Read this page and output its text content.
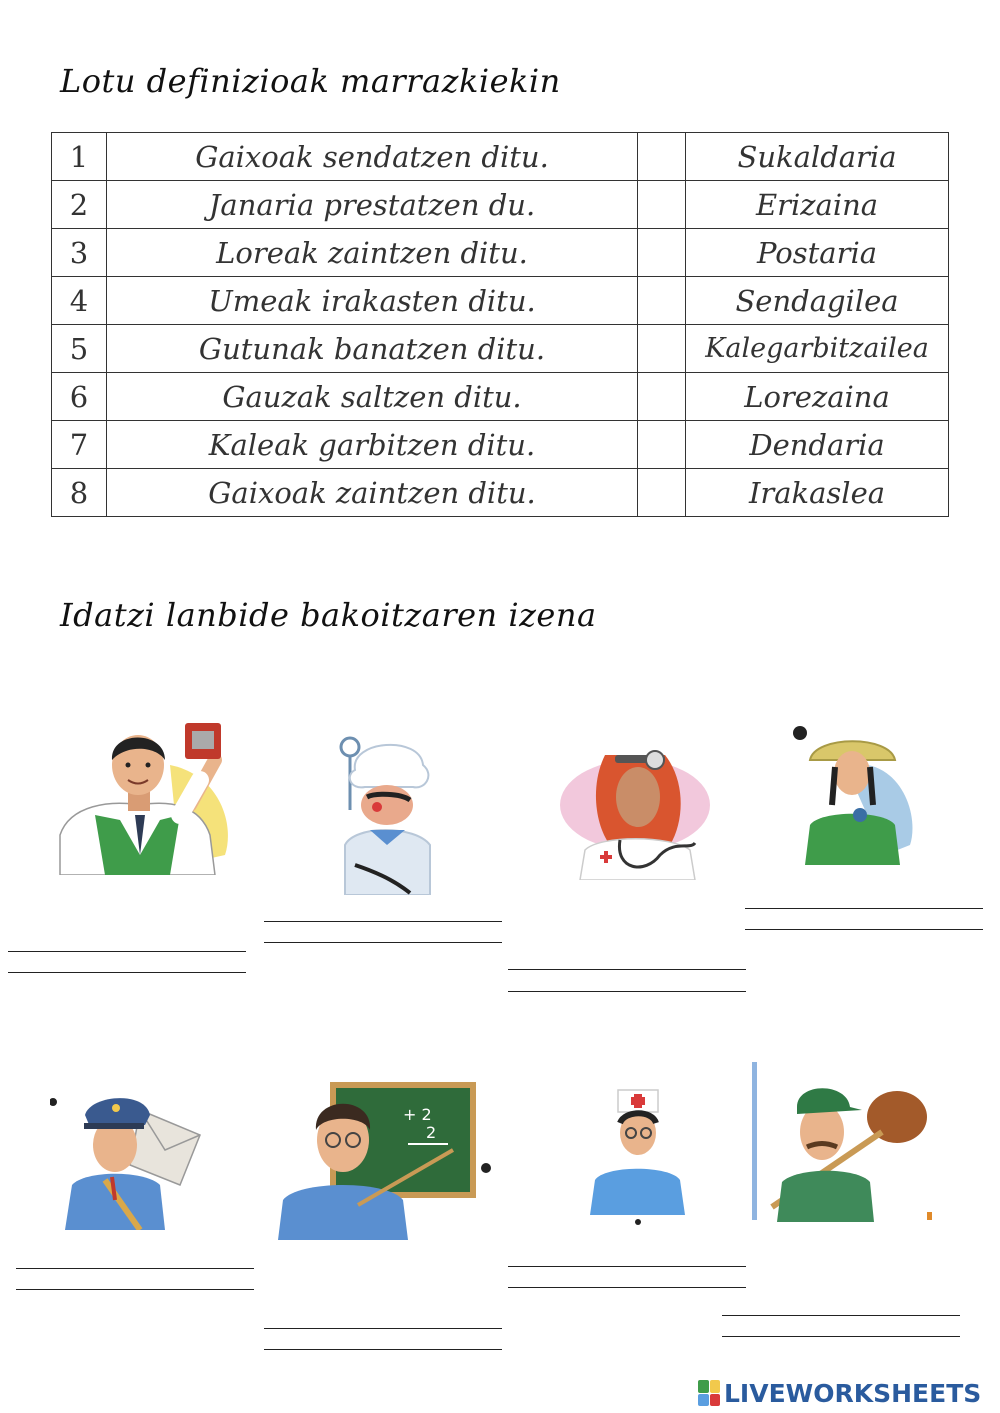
Lotu definizioak marrazkiekin
1	Gaixoak sendatzen ditu.		Sukaldaria
2	Janaria prestatzen du.		Erizaina
3	Loreak zaintzen ditu.		Postaria
4	Umeak irakasten ditu.		Sendagilea
5	Gutunak banatzen ditu.		Kalegarbitzailea
6	Gauzak saltzen ditu.		Lorezaina
7	Kaleak garbitzen ditu.		Dendaria
8	Gaixoak zaintzen ditu.		Irakaslea
Idatzi lanbide bakoitzaren izena
+ 2
2
LIVEWORKSHEETS
